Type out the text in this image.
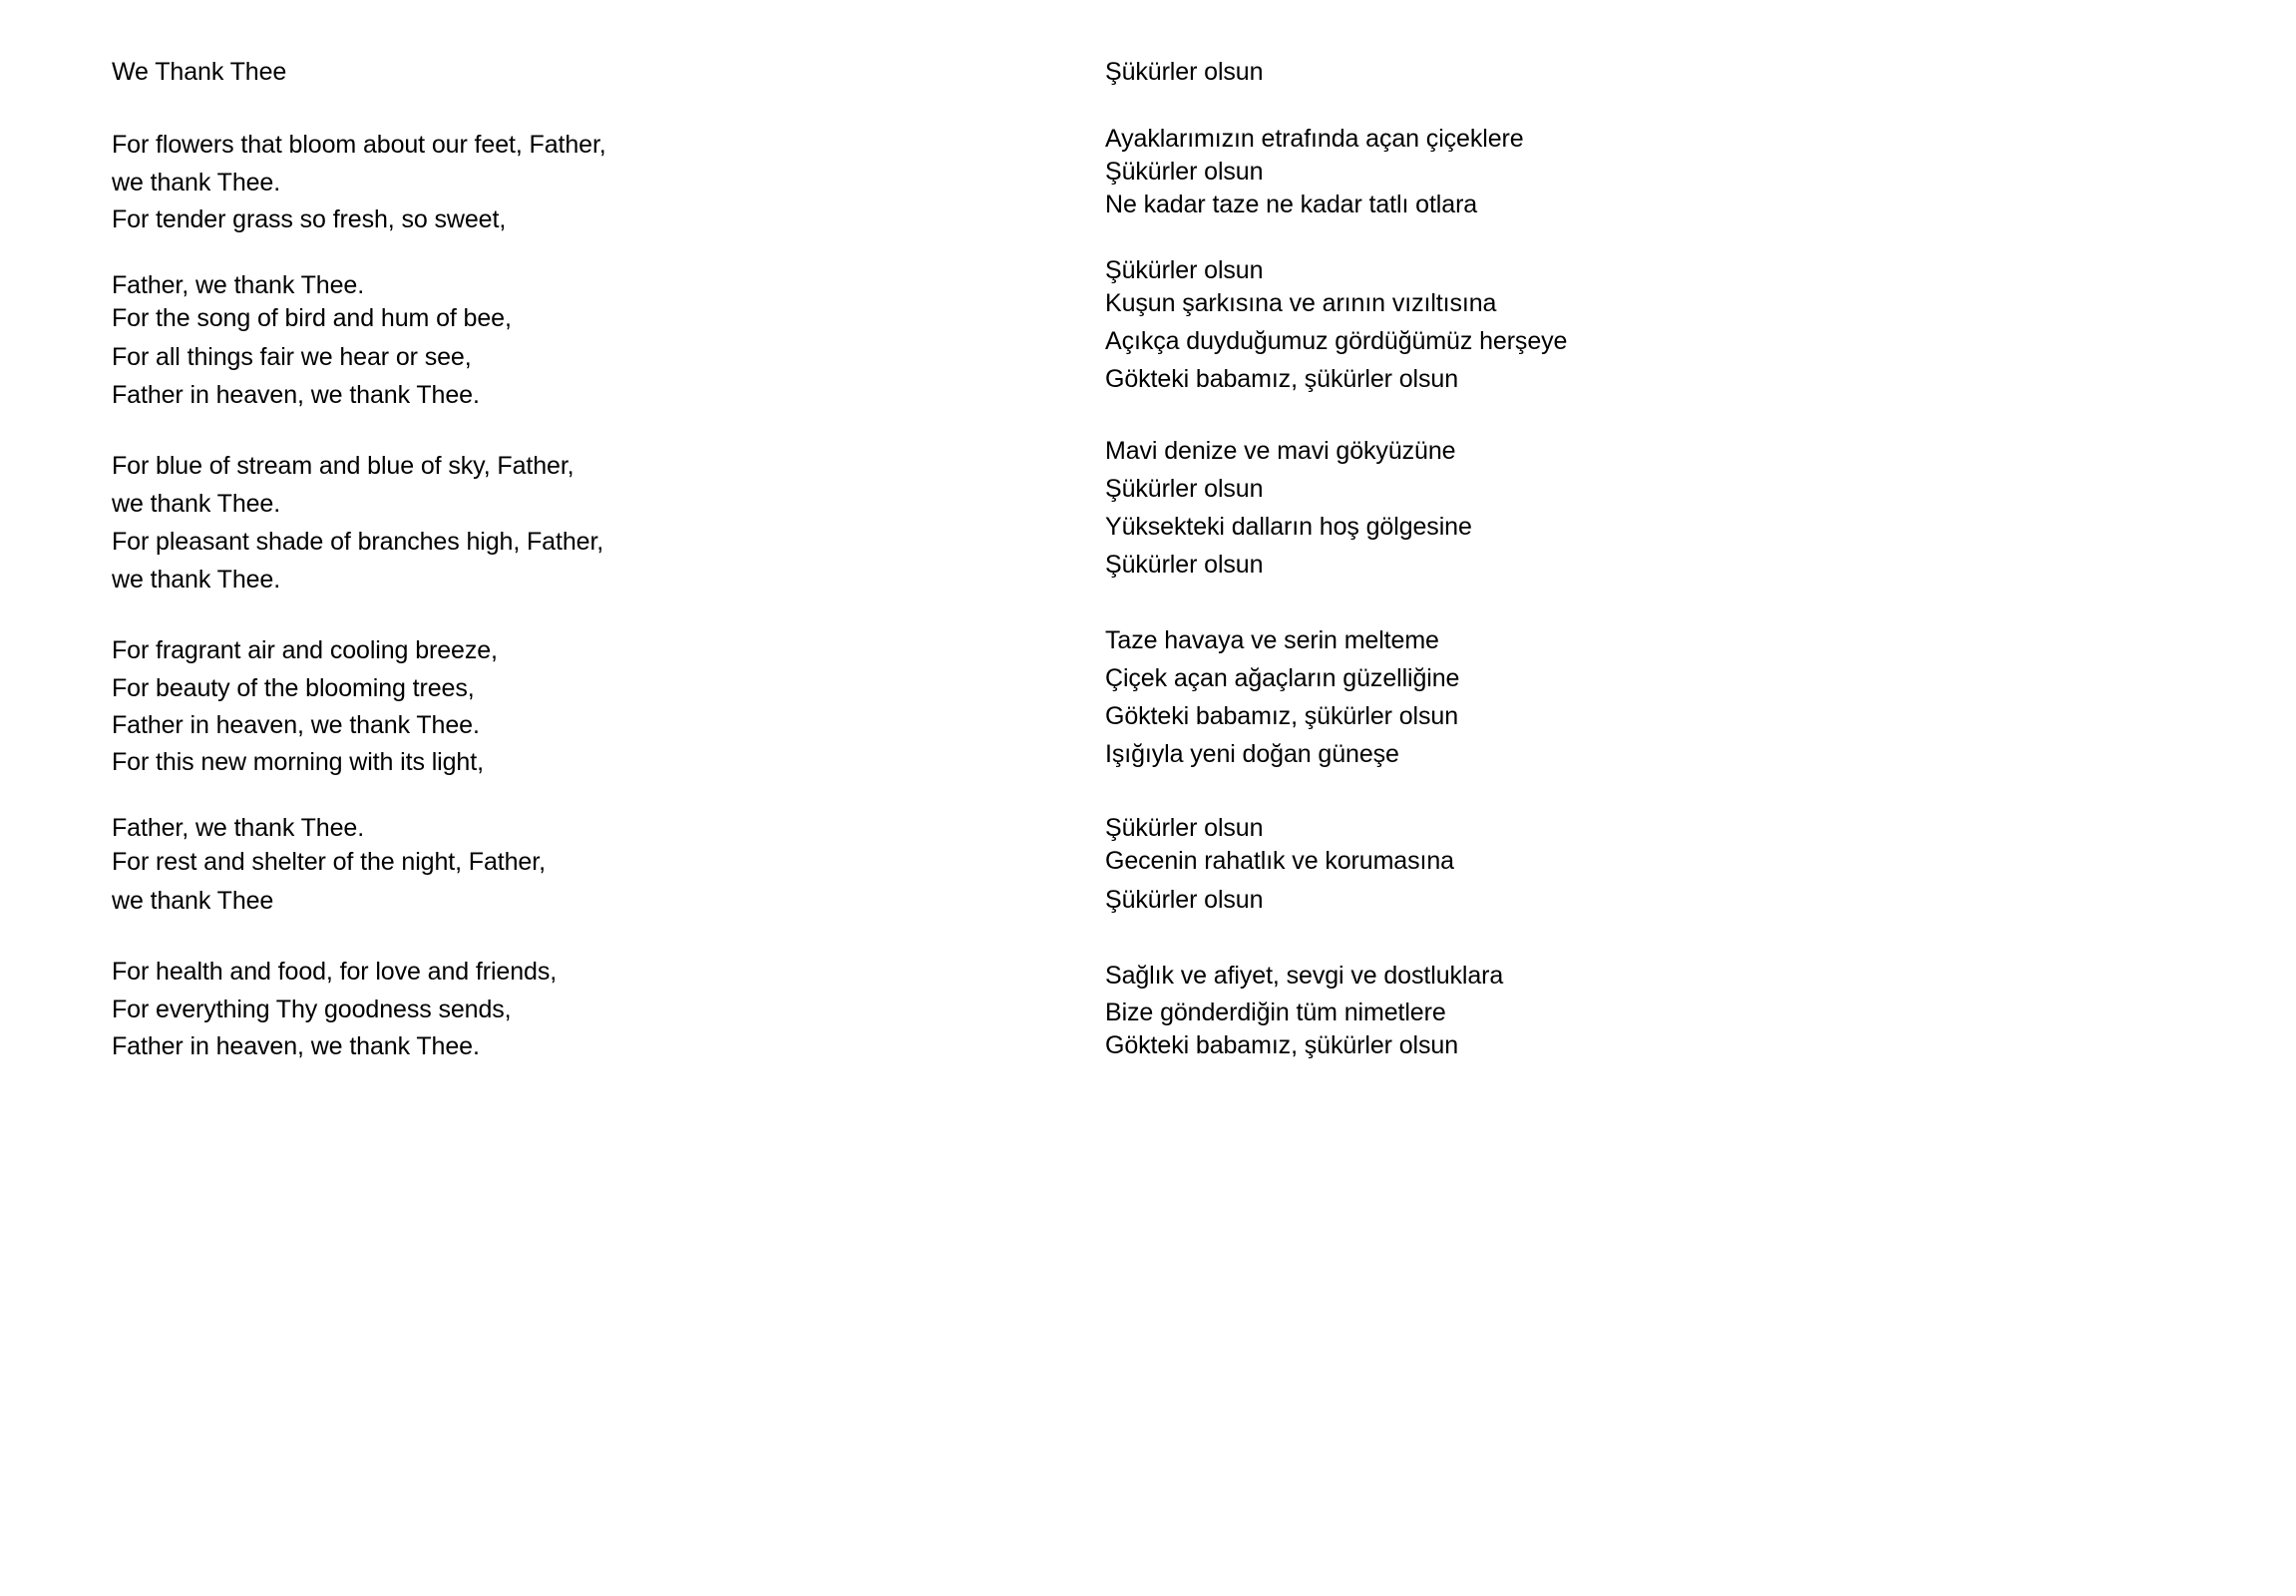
We Thank Thee
For flowers that bloom about our feet, Father,
we thank Thee.
For tender grass so fresh, so sweet,
Father, we thank Thee.
For the song of bird and hum of bee,
For all things fair we hear or see,
Father in heaven, we thank Thee.
For blue of stream and blue of sky, Father,
we thank Thee.
For pleasant shade of branches high, Father,
we thank Thee.
For fragrant air and cooling breeze,
For beauty of the blooming trees,
Father in heaven, we thank Thee.
For this new morning with its light,
Father, we thank Thee.
For rest and shelter of the night, Father,
we thank Thee
For health and food, for love and friends,
For everything Thy goodness sends,
Father in heaven, we thank Thee.
Şükürler olsun
Ayaklarımızın etrafında açan çiçeklere
Şükürler olsun
Ne kadar taze ne kadar tatlı otlara
Şükürler olsun
Kuşun şarkısına ve arının vızıltısına
Açıkça duyduğumuz gördüğümüz herşeye
Gökteki babamız, şükürler olsun
Mavi denize ve mavi gökyüzüne
Şükürler olsun
Yüksekteki dalların hoş gölgesine
Şükürler olsun
Taze havaya ve serin melteme
Çiçek açan ağaçların güzelliğine
Gökteki babamız, şükürler olsun
Işığıyla yeni doğan güneşe
Şükürler olsun
Gecenin rahatlık ve korumasına
Şükürler olsun
Sağlık ve afiyet, sevgi ve dostluklara
Bize gönderdiğin tüm nimetlere
Gökteki babamız, şükürler olsun
